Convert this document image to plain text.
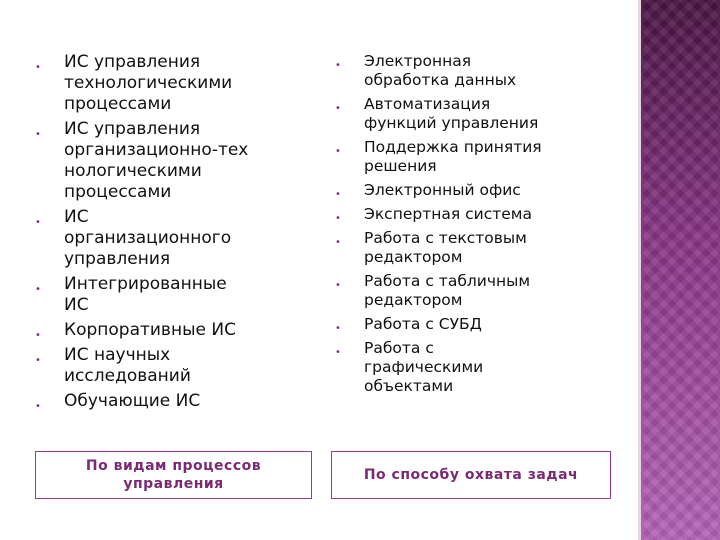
• ИС управления
технологическими
процессами
• ИС управления
организационно-тех
нологическими
процессами
• ИС
организационного
управления
• Интегрированные
ИС
• Корпоративные ИС
• ИС научных
исследований
• Обучающие ИС
• Электронная
обработка данных
• Автоматизация
функций управления
• Поддержка принятия
решения
• Электронный офис
• Экспертная система
• Работа с текстовым
редактором
• Работа с табличным
редактором
• Работа с СУБД
• Работа с
графическими
объектами
По видам процессов
управления
По способу охвата задач
